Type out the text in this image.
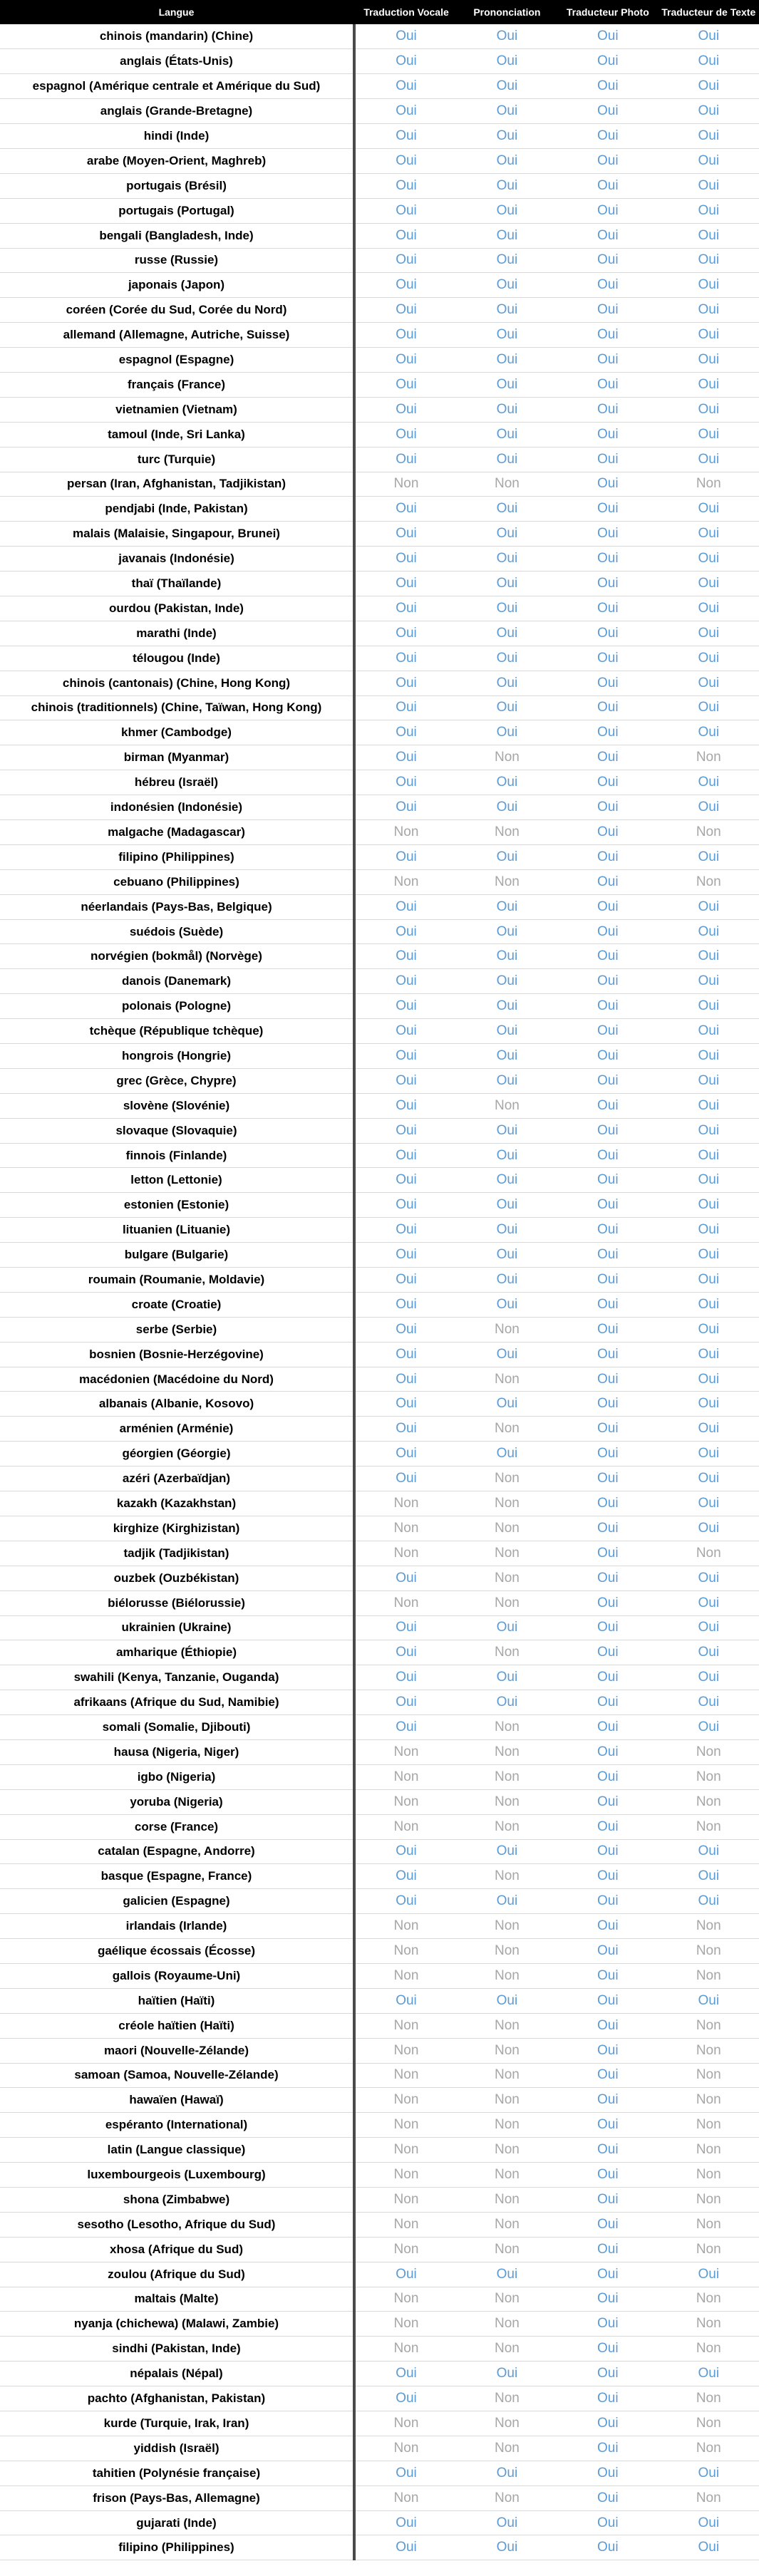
Langue		Traduction Vocale	Prononciation	Traducteur Photo	Traducteur de Texte
chinois (mandarin) (Chine)		Oui	Oui	Oui	Oui
anglais (États-Unis)		Oui	Oui	Oui	Oui
espagnol (Amérique centrale et Amérique du Sud)		Oui	Oui	Oui	Oui
anglais (Grande-Bretagne)		Oui	Oui	Oui	Oui
hindi (Inde)		Oui	Oui	Oui	Oui
arabe (Moyen-Orient, Maghreb)		Oui	Oui	Oui	Oui
portugais (Brésil)		Oui	Oui	Oui	Oui
portugais (Portugal)		Oui	Oui	Oui	Oui
bengali (Bangladesh, Inde)		Oui	Oui	Oui	Oui
russe (Russie)		Oui	Oui	Oui	Oui
japonais (Japon)		Oui	Oui	Oui	Oui
coréen (Corée du Sud, Corée du Nord)		Oui	Oui	Oui	Oui
allemand (Allemagne, Autriche, Suisse)		Oui	Oui	Oui	Oui
espagnol (Espagne)		Oui	Oui	Oui	Oui
français (France)		Oui	Oui	Oui	Oui
vietnamien (Vietnam)		Oui	Oui	Oui	Oui
tamoul (Inde, Sri Lanka)		Oui	Oui	Oui	Oui
turc (Turquie)		Oui	Oui	Oui	Oui
persan (Iran, Afghanistan, Tadjikistan)		Non	Non	Oui	Non
pendjabi (Inde, Pakistan)		Oui	Oui	Oui	Oui
malais (Malaisie, Singapour, Brunei)		Oui	Oui	Oui	Oui
javanais (Indonésie)		Oui	Oui	Oui	Oui
thaï (Thaïlande)		Oui	Oui	Oui	Oui
ourdou (Pakistan, Inde)		Oui	Oui	Oui	Oui
marathi (Inde)		Oui	Oui	Oui	Oui
télougou (Inde)		Oui	Oui	Oui	Oui
chinois (cantonais) (Chine, Hong Kong)		Oui	Oui	Oui	Oui
chinois (traditionnels) (Chine, Taïwan, Hong Kong)		Oui	Oui	Oui	Oui
khmer (Cambodge)		Oui	Oui	Oui	Oui
birman (Myanmar)		Oui	Non	Oui	Non
hébreu (Israël)		Oui	Oui	Oui	Oui
indonésien (Indonésie)		Oui	Oui	Oui	Oui
malgache (Madagascar)		Non	Non	Oui	Non
filipino (Philippines)		Oui	Oui	Oui	Oui
cebuano (Philippines)		Non	Non	Oui	Non
néerlandais (Pays-Bas, Belgique)		Oui	Oui	Oui	Oui
suédois (Suède)		Oui	Oui	Oui	Oui
norvégien (bokmål) (Norvège)		Oui	Oui	Oui	Oui
danois (Danemark)		Oui	Oui	Oui	Oui
polonais (Pologne)		Oui	Oui	Oui	Oui
tchèque (République tchèque)		Oui	Oui	Oui	Oui
hongrois (Hongrie)		Oui	Oui	Oui	Oui
grec (Grèce, Chypre)		Oui	Oui	Oui	Oui
slovène (Slovénie)		Oui	Non	Oui	Oui
slovaque (Slovaquie)		Oui	Oui	Oui	Oui
finnois (Finlande)		Oui	Oui	Oui	Oui
letton (Lettonie)		Oui	Oui	Oui	Oui
estonien (Estonie)		Oui	Oui	Oui	Oui
lituanien (Lituanie)		Oui	Oui	Oui	Oui
bulgare (Bulgarie)		Oui	Oui	Oui	Oui
roumain (Roumanie, Moldavie)		Oui	Oui	Oui	Oui
croate (Croatie)		Oui	Oui	Oui	Oui
serbe (Serbie)		Oui	Non	Oui	Oui
bosnien (Bosnie-Herzégovine)		Oui	Oui	Oui	Oui
macédonien (Macédoine du Nord)		Oui	Non	Oui	Oui
albanais (Albanie, Kosovo)		Oui	Oui	Oui	Oui
arménien (Arménie)		Oui	Non	Oui	Oui
géorgien (Géorgie)		Oui	Oui	Oui	Oui
azéri (Azerbaïdjan)		Oui	Non	Oui	Oui
kazakh (Kazakhstan)		Non	Non	Oui	Oui
kirghize (Kirghizistan)		Non	Non	Oui	Oui
tadjik (Tadjikistan)		Non	Non	Oui	Non
ouzbek (Ouzbékistan)		Oui	Non	Oui	Oui
biélorusse (Biélorussie)		Non	Non	Oui	Oui
ukrainien (Ukraine)		Oui	Oui	Oui	Oui
amharique (Éthiopie)		Oui	Non	Oui	Oui
swahili (Kenya, Tanzanie, Ouganda)		Oui	Oui	Oui	Oui
afrikaans (Afrique du Sud, Namibie)		Oui	Oui	Oui	Oui
somali (Somalie, Djibouti)		Oui	Non	Oui	Oui
hausa (Nigeria, Niger)		Non	Non	Oui	Non
igbo (Nigeria)		Non	Non	Oui	Non
yoruba (Nigeria)		Non	Non	Oui	Non
corse (France)		Non	Non	Oui	Non
catalan (Espagne, Andorre)		Oui	Oui	Oui	Oui
basque (Espagne, France)		Oui	Non	Oui	Oui
galicien (Espagne)		Oui	Oui	Oui	Oui
irlandais (Irlande)		Non	Non	Oui	Non
gaélique écossais (Écosse)		Non	Non	Oui	Non
gallois (Royaume-Uni)		Non	Non	Oui	Non
haïtien (Haïti)		Oui	Oui	Oui	Oui
créole haïtien (Haïti)		Non	Non	Oui	Non
maori (Nouvelle-Zélande)		Non	Non	Oui	Non
samoan (Samoa, Nouvelle-Zélande)		Non	Non	Oui	Non
hawaïen (Hawaï)		Non	Non	Oui	Non
espéranto (International)		Non	Non	Oui	Non
latin (Langue classique)		Non	Non	Oui	Non
luxembourgeois (Luxembourg)		Non	Non	Oui	Non
shona (Zimbabwe)		Non	Non	Oui	Non
sesotho (Lesotho, Afrique du Sud)		Non	Non	Oui	Non
xhosa (Afrique du Sud)		Non	Non	Oui	Non
zoulou (Afrique du Sud)		Oui	Oui	Oui	Oui
maltais (Malte)		Non	Non	Oui	Non
nyanja (chichewa) (Malawi, Zambie)		Non	Non	Oui	Non
sindhi (Pakistan, Inde)		Non	Non	Oui	Non
népalais (Népal)		Oui	Oui	Oui	Oui
pachto (Afghanistan, Pakistan)		Oui	Non	Oui	Non
kurde (Turquie, Irak, Iran)		Non	Non	Oui	Non
yiddish (Israël)		Non	Non	Oui	Non
tahitien (Polynésie française)		Oui	Oui	Oui	Oui
frison (Pays-Bas, Allemagne)		Non	Non	Oui	Non
gujarati (Inde)		Oui	Oui	Oui	Oui
filipino (Philippines)		Oui	Oui	Oui	Oui
